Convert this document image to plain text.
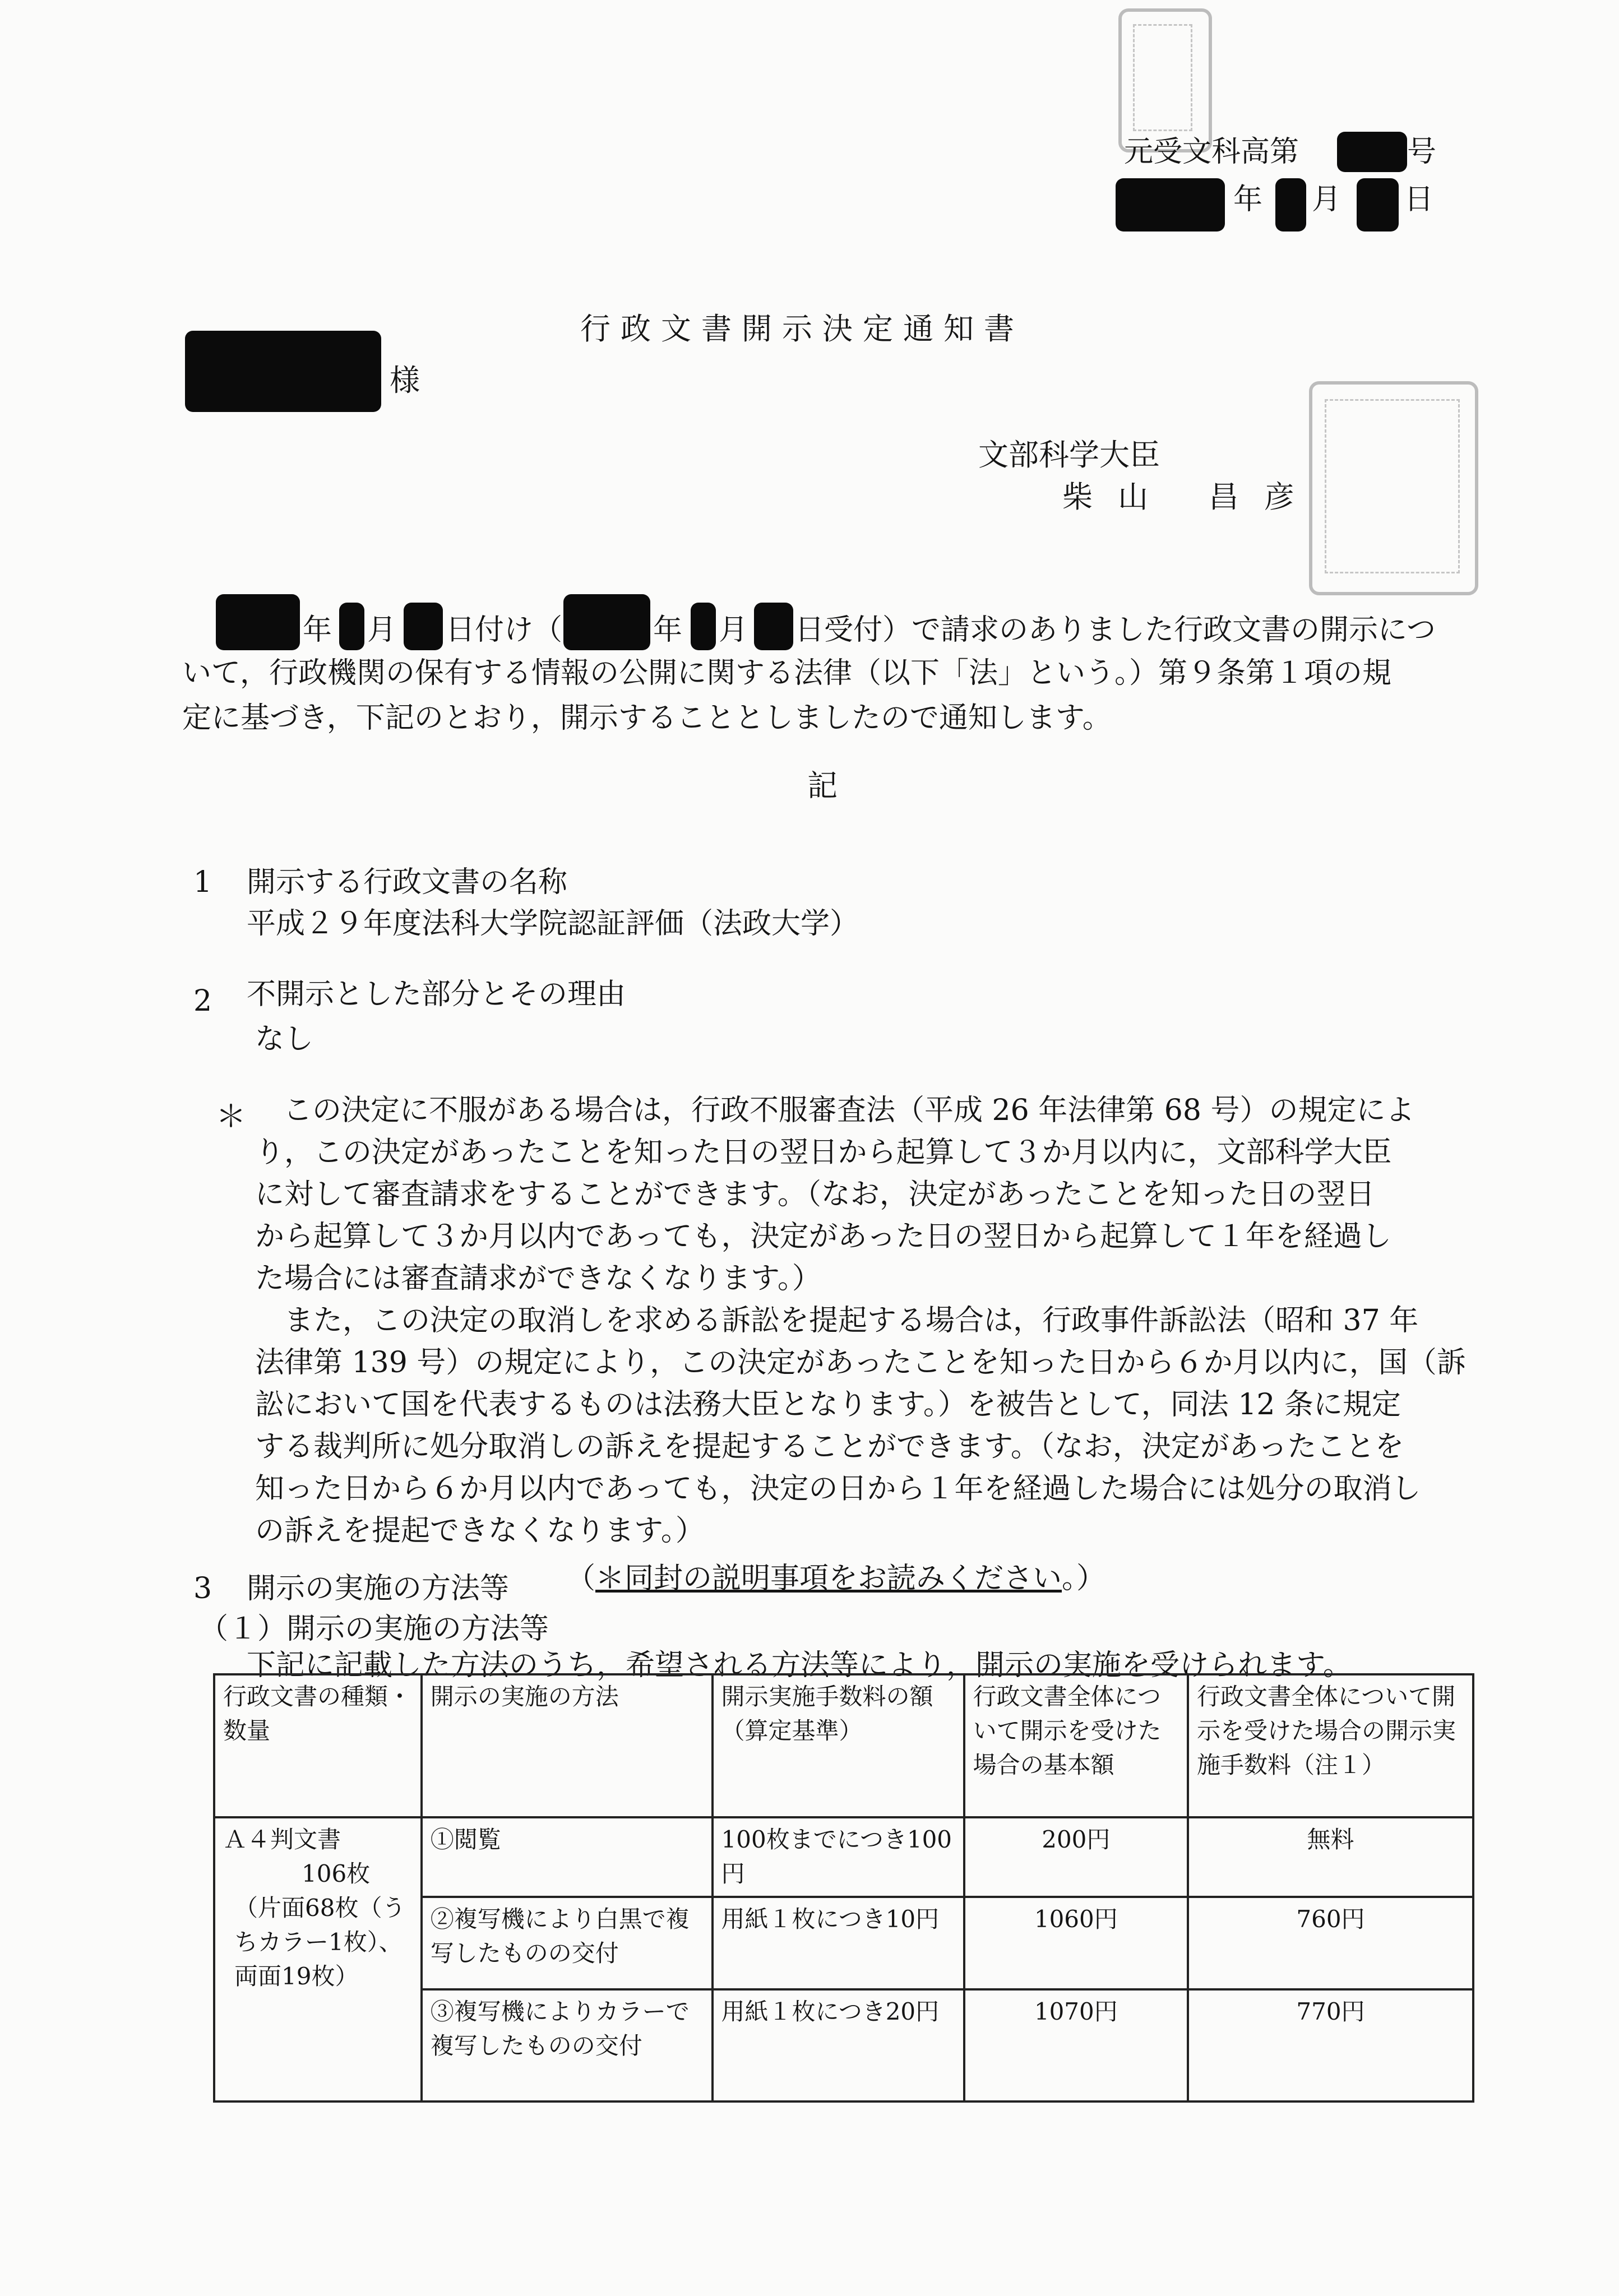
元受文科高第	号
年 月 日
行政文書開示決定通知書
様
文部科学大臣
柴 山   昌 彦
年 月 日付け（	年 月 日受付）で請求のありました行政文書の開示につ
いて，行政機関の保有する情報の公開に関する法律（以下「法」という。）第９条第１項の規
定に基づき，下記のとおり，開示することとしましたので通知します。
記
1 開示する行政文書の名称
平成２９年度法科大学院認証評価（法政大学）
2 不開示とした部分とその理由
なし
＊ この決定に不服がある場合は，行政不服審査法（平成 26 年法律第 68 号）の規定によ
り，この決定があったことを知った日の翌日から起算して３か月以内に，文部科学大臣
に対して審査請求をすることができます。（なお，決定があったことを知った日の翌日
から起算して３か月以内であっても，決定があった日の翌日から起算して１年を経過し
た場合には審査請求ができなくなります。）
　また，この決定の取消しを求める訴訟を提起する場合は，行政事件訴訟法（昭和 37 年
法律第 139 号）の規定により，この決定があったことを知った日から６か月以内に，国（訴
訟において国を代表するものは法務大臣となります。）を被告として，同法 12 条に規定
する裁判所に処分取消しの訴えを提起することができます。（なお，決定があったことを
知った日から６か月以内であっても，決定の日から１年を経過した場合には処分の取消し
の訴えを提起できなくなります。）
3 開示の実施の方法等 （＊同封の説明事項をお読みください。）
（１）開示の実施の方法等
下記に記載した方法のうち，希望される方法等により，開示の実施を受けられます。
行政文書の種類・数量	開示の実施の方法	開示実施手数料の額（算定基準）	行政文書全体について開示を受けた場合の基本額	行政文書全体について開示を受けた場合の開示実施手数料（注１）

Ａ４判文書
106枚
（片面68枚（うちカラー1枚）、両面19枚）	①閲覧	100枚までにつき100円	200円	無料
	②複写機により白黒で複写したものの交付	用紙１枚につき10円	1060円	760円
	③複写機によりカラーで複写したものの交付	用紙１枚につき20円	1070円	770円
